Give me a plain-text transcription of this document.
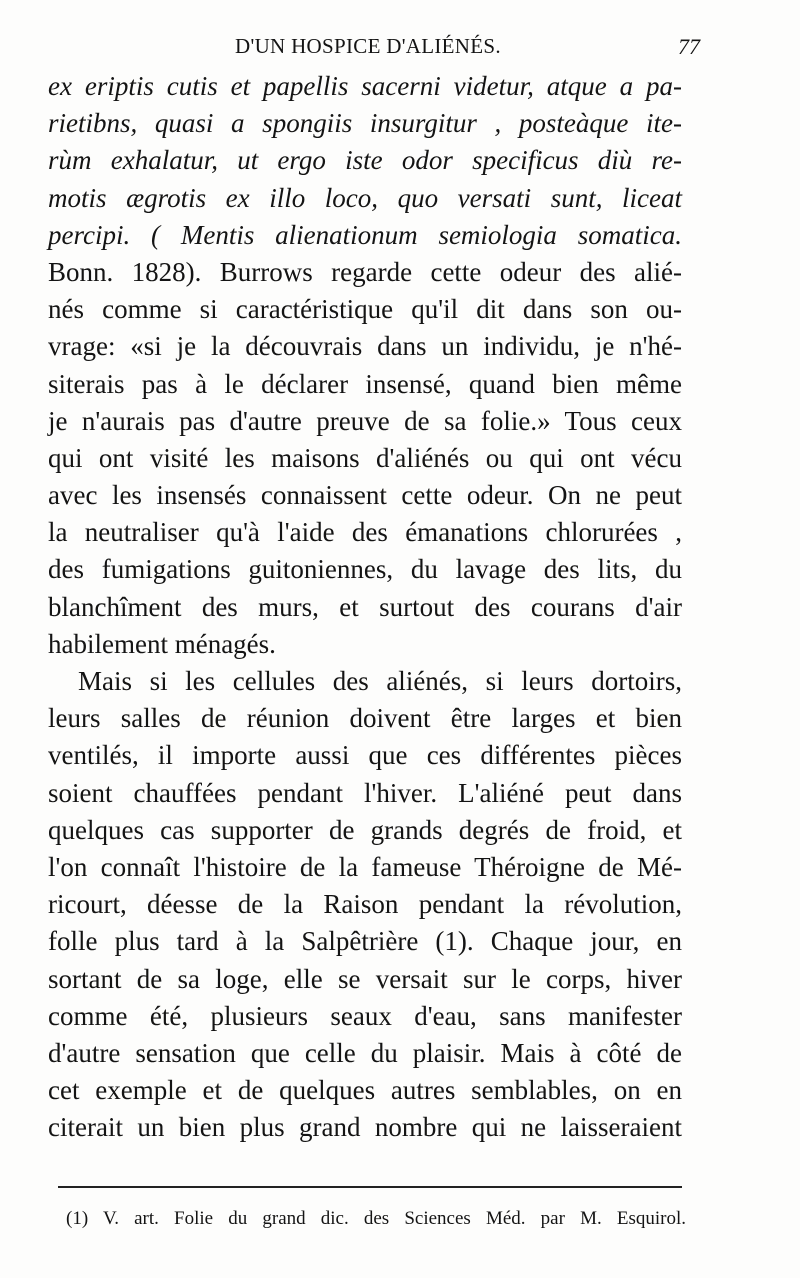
D'UN HOSPICE D'ALIÉNÉS.	77
ex eriptis cutis et papellis sacerni videtur, atque a pa-
rietibns, quasi a spongiis insurgitur , posteàque ite-
rùm exhalatur, ut ergo iste odor specificus diù re-
motis ægrotis ex illo loco, quo versati sunt, liceat
percipi. ( Mentis alienationum semiologia somatica.
Bonn. 1828). Burrows regarde cette odeur des alié-
nés comme si caractéristique qu'il dit dans son ou-
vrage: «si je la découvrais dans un individu, je n'hé-
siterais pas à le déclarer insensé, quand bien même
je n'aurais pas d'autre preuve de sa folie.» Tous ceux
qui ont visité les maisons d'aliénés ou qui ont vécu
avec les insensés connaissent cette odeur. On ne peut
la neutraliser qu'à l'aide des émanations chlorurées ,
des fumigations guitoniennes, du lavage des lits, du
blanchîment des murs, et surtout des courans d'air
habilement ménagés.
Mais si les cellules des aliénés, si leurs dortoirs,
leurs salles de réunion doivent être larges et bien
ventilés, il importe aussi que ces différentes pièces
soient chauffées pendant l'hiver. L'aliéné peut dans
quelques cas supporter de grands degrés de froid, et
l'on connaît l'histoire de la fameuse Théroigne de Mé-
ricourt, déesse de la Raison pendant la révolution,
folle plus tard à la Salpêtrière (1). Chaque jour, en
sortant de sa loge, elle se versait sur le corps, hiver
comme été, plusieurs seaux d'eau, sans manifester
d'autre sensation que celle du plaisir. Mais à côté de
cet exemple et de quelques autres semblables, on en
citerait un bien plus grand nombre qui ne laisseraient
(1) V. art. Folie du grand dic. des Sciences Méd. par M. Esquirol.
